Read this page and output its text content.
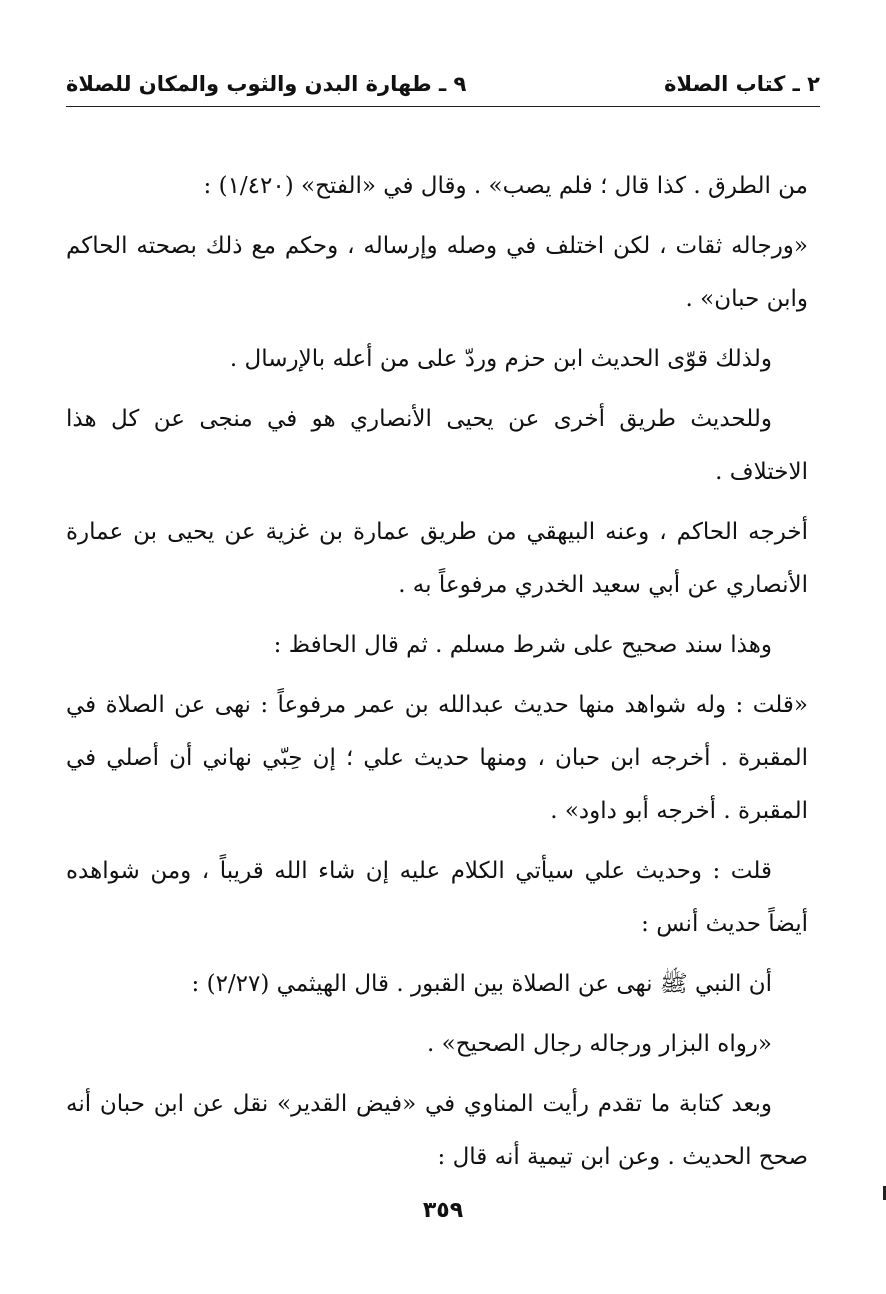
٢ ـ كتاب الصلاة
٩ ـ طهارة البدن والثوب والمكان للصلاة

من الطرق . كذا قال ؛ فلم يصب» . وقال في «الفتح» (١/٤٢٠) :

«ورجاله ثقات ، لكن اختلف في وصله وإرساله ، وحكم مع ذلك بصحته الحاكم وابن حبان» .

ولذلك قوّى الحديث ابن حزم وردّ على من أعله بالإرسال .

وللحديث طريق أخرى عن يحيى الأنصاري هو في منجى عن كل هذا الاختلاف .

أخرجه الحاكم ، وعنه البيهقي من طريق عمارة بن غزية عن يحيى بن عمارة الأنصاري عن أبي سعيد الخدري مرفوعاً به .

وهذا سند صحيح على شرط مسلم . ثم قال الحافظ :

«قلت : وله شواهد منها حديث عبدالله بن عمر مرفوعاً : نهى عن الصلاة في المقبرة . أخرجه ابن حبان ، ومنها حديث علي ؛ إن حِبّي نهاني أن أصلي في المقبرة . أخرجه أبو داود» .

قلت : وحديث علي سيأتي الكلام عليه إن شاء الله قريباً ، ومن شواهده أيضاً حديث أنس :

أن النبي ﷺ نهى عن الصلاة بين القبور . قال الهيثمي (٢/٢٧) :

«رواه البزار ورجاله رجال الصحيح» .

وبعد كتابة ما تقدم رأيت المناوي في «فيض القدير» نقل عن ابن حبان أنه صحح الحديث . وعن ابن تيمية أنه قال :

٣٥٩
